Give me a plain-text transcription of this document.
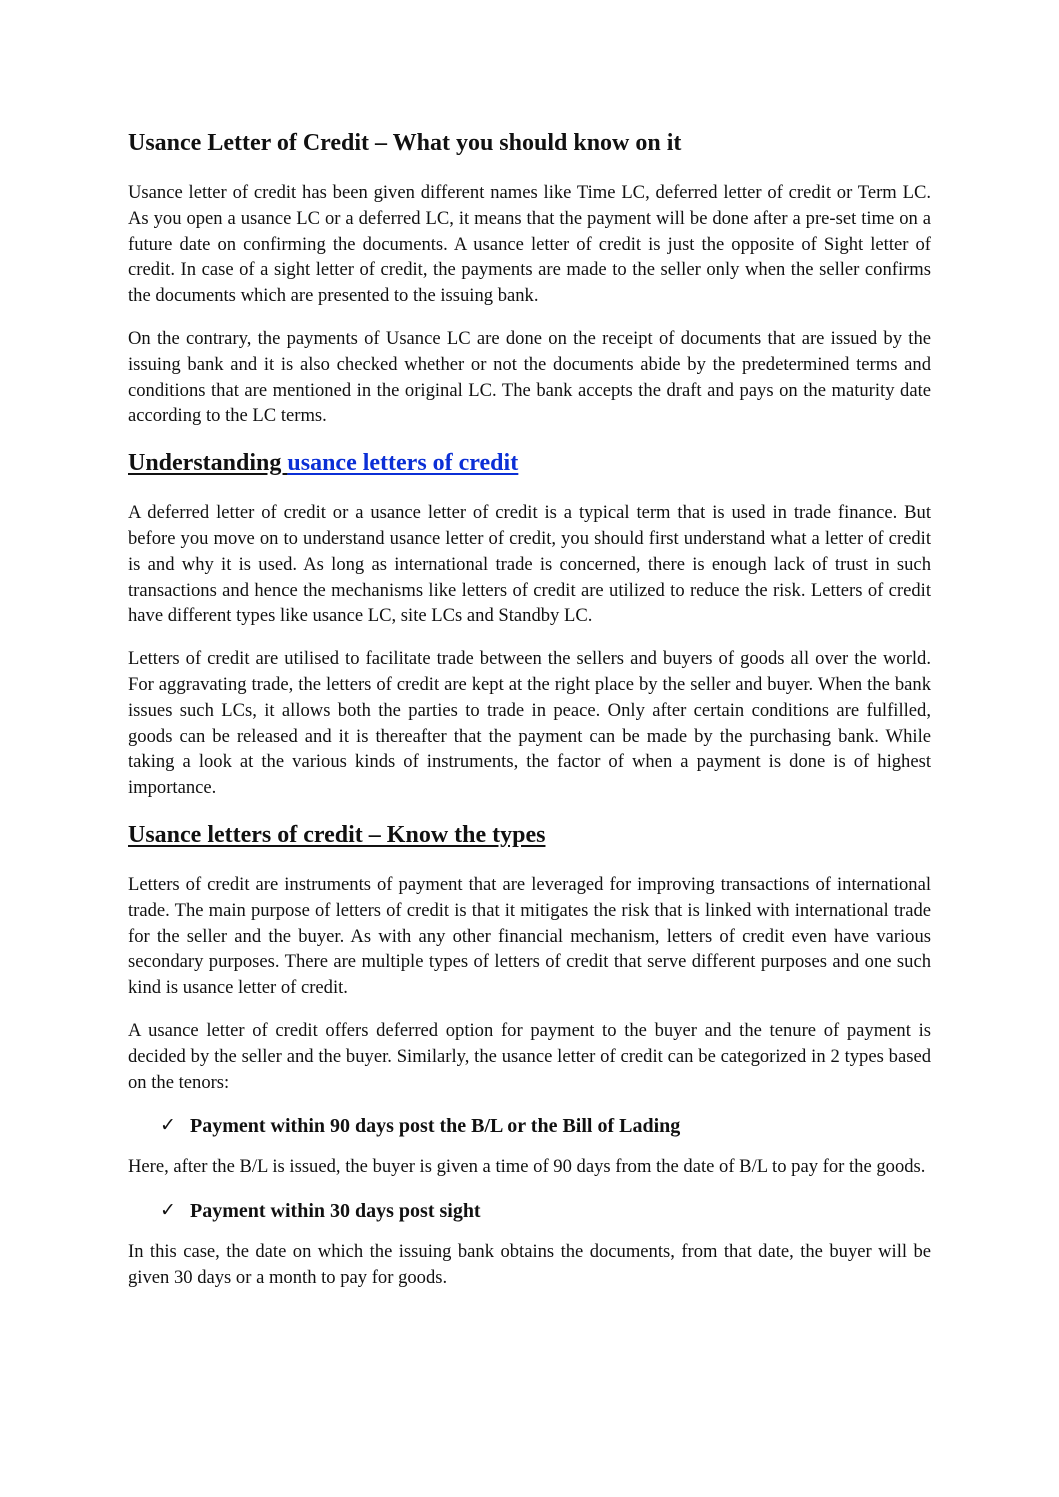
Usance Letter of Credit – What you should know on it

Usance letter of credit has been given different names like Time LC, deferred letter of credit or Term LC. As you open a usance LC or a deferred LC, it means that the payment will be done after a pre-set time on a future date on confirming the documents. A usance letter of credit is just the opposite of Sight letter of credit. In case of a sight letter of credit, the payments are made to the seller only when the seller confirms the documents which are presented to the issuing bank.

On the contrary, the payments of Usance LC are done on the receipt of documents that are issued by the issuing bank and it is also checked whether or not the documents abide by the predetermined terms and conditions that are mentioned in the original LC. The bank accepts the draft and pays on the maturity date according to the LC terms.

Understanding usance letters of credit

A deferred letter of credit or a usance letter of credit is a typical term that is used in trade finance. But before you move on to understand usance letter of credit, you should first understand what a letter of credit is and why it is used. As long as international trade is concerned, there is enough lack of trust in such transactions and hence the mechanisms like letters of credit are utilized to reduce the risk. Letters of credit have different types like usance LC, site LCs and Standby LC.

Letters of credit are utilised to facilitate trade between the sellers and buyers of goods all over the world. For aggravating trade, the letters of credit are kept at the right place by the seller and buyer. When the bank issues such LCs, it allows both the parties to trade in peace. Only after certain conditions are fulfilled, goods can be released and it is thereafter that the payment can be made by the purchasing bank. While taking a look at the various kinds of instruments, the factor of when a payment is done is of highest importance.

Usance letters of credit – Know the types

Letters of credit are instruments of payment that are leveraged for improving transactions of international trade. The main purpose of letters of credit is that it mitigates the risk that is linked with international trade for the seller and the buyer. As with any other financial mechanism, letters of credit even have various secondary purposes. There are multiple types of letters of credit that serve different purposes and one such kind is usance letter of credit.

A usance letter of credit offers deferred option for payment to the buyer and the tenure of payment is decided by the seller and the buyer. Similarly, the usance letter of credit can be categorized in 2 types based on the tenors:

✓ Payment within 90 days post the B/L or the Bill of Lading

Here, after the B/L is issued, the buyer is given a time of 90 days from the date of B/L to pay for the goods.

✓ Payment within 30 days post sight

In this case, the date on which the issuing bank obtains the documents, from that date, the buyer will be given 30 days or a month to pay for goods.
